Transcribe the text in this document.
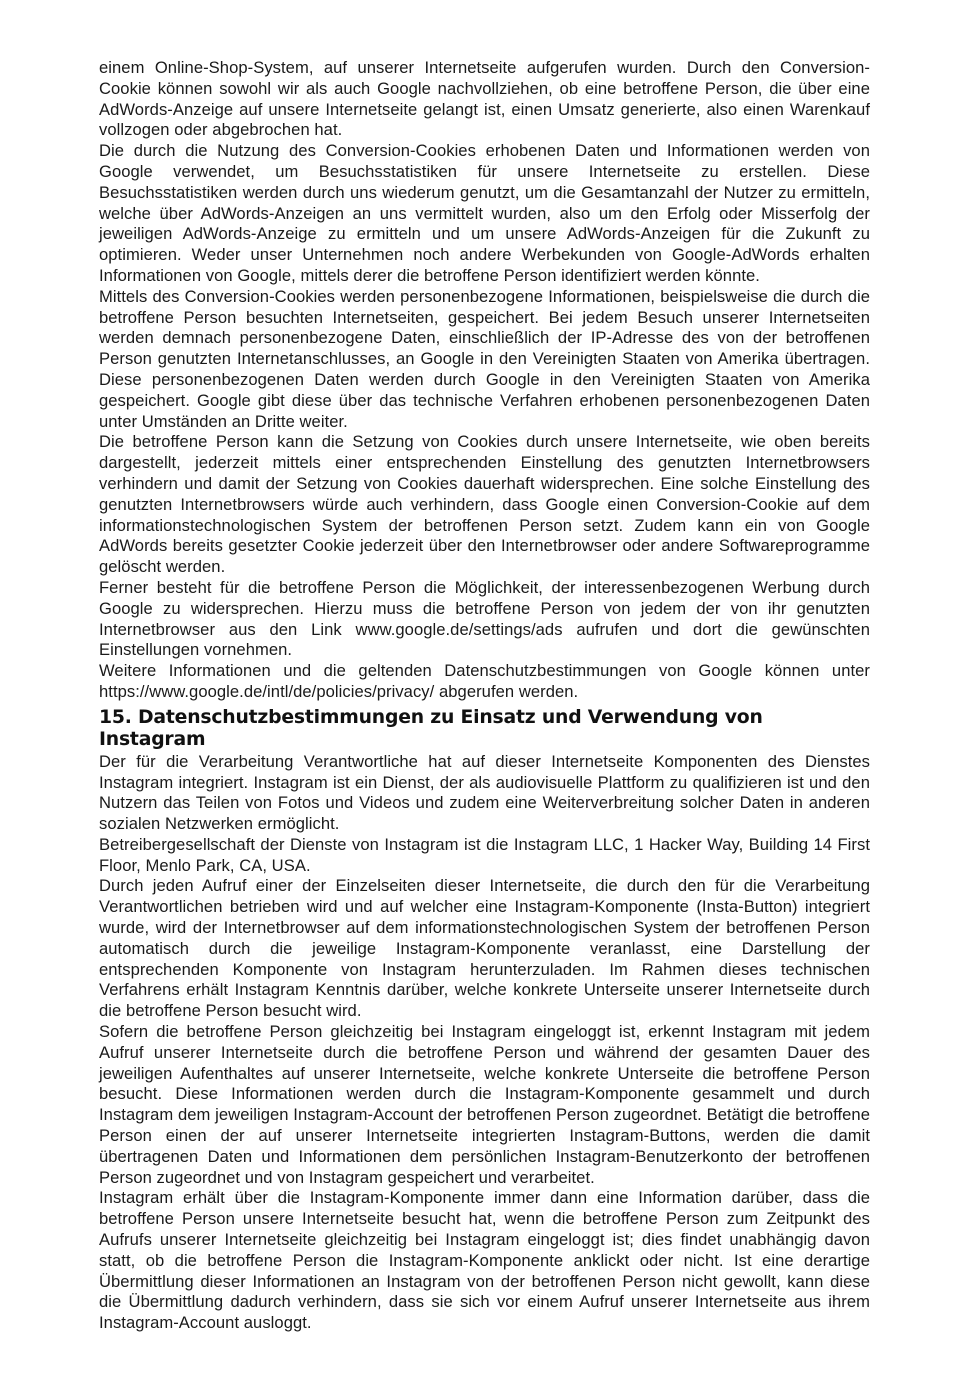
einem Online-Shop-System, auf unserer Internetseite aufgerufen wurden. Durch den Conversion-Cookie können sowohl wir als auch Google nachvollziehen, ob eine betroffene Person, die über eine AdWords-Anzeige auf unsere Internetseite gelangt ist, einen Umsatz generierte, also einen Warenkauf vollzogen oder abgebrochen hat.

Die durch die Nutzung des Conversion-Cookies erhobenen Daten und Informationen werden von Google verwendet, um Besuchsstatistiken für unsere Internetseite zu erstellen. Diese Besuchsstatistiken werden durch uns wiederum genutzt, um die Gesamtanzahl der Nutzer zu ermitteln, welche über AdWords-Anzeigen an uns vermittelt wurden, also um den Erfolg oder Misserfolg der jeweiligen AdWords-Anzeige zu ermitteln und um unsere AdWords-Anzeigen für die Zukunft zu optimieren. Weder unser Unternehmen noch andere Werbekunden von Google-AdWords erhalten Informationen von Google, mittels derer die betroffene Person identifiziert werden könnte.

Mittels des Conversion-Cookies werden personenbezogene Informationen, beispielsweise die durch die betroffene Person besuchten Internetseiten, gespeichert. Bei jedem Besuch unserer Internetseiten werden demnach personenbezogene Daten, einschließlich der IP-Adresse des von der betroffenen Person genutzten Internetanschlusses, an Google in den Vereinigten Staaten von Amerika übertragen. Diese personenbezogenen Daten werden durch Google in den Vereinigten Staaten von Amerika gespeichert. Google gibt diese über das technische Verfahren erhobenen personenbezogenen Daten unter Umständen an Dritte weiter.

Die betroffene Person kann die Setzung von Cookies durch unsere Internetseite, wie oben bereits dargestellt, jederzeit mittels einer entsprechenden Einstellung des genutzten Internetbrowsers verhindern und damit der Setzung von Cookies dauerhaft widersprechen. Eine solche Einstellung des genutzten Internetbrowsers würde auch verhindern, dass Google einen Conversion-Cookie auf dem informationstechnologischen System der betroffenen Person setzt. Zudem kann ein von Google AdWords bereits gesetzter Cookie jederzeit über den Internetbrowser oder andere Softwareprogramme gelöscht werden.

Ferner besteht für die betroffene Person die Möglichkeit, der interessenbezogenen Werbung durch Google zu widersprechen. Hierzu muss die betroffene Person von jedem der von ihr genutzten Internetbrowser aus den Link www.google.de/settings/ads aufrufen und dort die gewünschten Einstellungen vornehmen.

Weitere Informationen und die geltenden Datenschutzbestimmungen von Google können unter https://www.google.de/intl/de/policies/privacy/ abgerufen werden.

15. Datenschutzbestimmungen zu Einsatz und Verwendung von Instagram

Der für die Verarbeitung Verantwortliche hat auf dieser Internetseite Komponenten des Dienstes Instagram integriert. Instagram ist ein Dienst, der als audiovisuelle Plattform zu qualifizieren ist und den Nutzern das Teilen von Fotos und Videos und zudem eine Weiterverbreitung solcher Daten in anderen sozialen Netzwerken ermöglicht.

Betreibergesellschaft der Dienste von Instagram ist die Instagram LLC, 1 Hacker Way, Building 14 First Floor, Menlo Park, CA, USA.

Durch jeden Aufruf einer der Einzelseiten dieser Internetseite, die durch den für die Verarbeitung Verantwortlichen betrieben wird und auf welcher eine Instagram-Komponente (Insta-Button) integriert wurde, wird der Internetbrowser auf dem informationstechnologischen System der betroffenen Person automatisch durch die jeweilige Instagram-Komponente veranlasst, eine Darstellung der entsprechenden Komponente von Instagram herunterzuladen. Im Rahmen dieses technischen Verfahrens erhält Instagram Kenntnis darüber, welche konkrete Unterseite unserer Internetseite durch die betroffene Person besucht wird.

Sofern die betroffene Person gleichzeitig bei Instagram eingeloggt ist, erkennt Instagram mit jedem Aufruf unserer Internetseite durch die betroffene Person und während der gesamten Dauer des jeweiligen Aufenthaltes auf unserer Internetseite, welche konkrete Unterseite die betroffene Person besucht. Diese Informationen werden durch die Instagram-Komponente gesammelt und durch Instagram dem jeweiligen Instagram-Account der betroffenen Person zugeordnet. Betätigt die betroffene Person einen der auf unserer Internetseite integrierten Instagram-Buttons, werden die damit übertragenen Daten und Informationen dem persönlichen Instagram-Benutzerkonto der betroffenen Person zugeordnet und von Instagram gespeichert und verarbeitet.

Instagram erhält über die Instagram-Komponente immer dann eine Information darüber, dass die betroffene Person unsere Internetseite besucht hat, wenn die betroffene Person zum Zeitpunkt des Aufrufs unserer Internetseite gleichzeitig bei Instagram eingeloggt ist; dies findet unabhängig davon statt, ob die betroffene Person die Instagram-Komponente anklickt oder nicht. Ist eine derartige Übermittlung dieser Informationen an Instagram von der betroffenen Person nicht gewollt, kann diese die Übermittlung dadurch verhindern, dass sie sich vor einem Aufruf unserer Internetseite aus ihrem Instagram-Account ausloggt.
